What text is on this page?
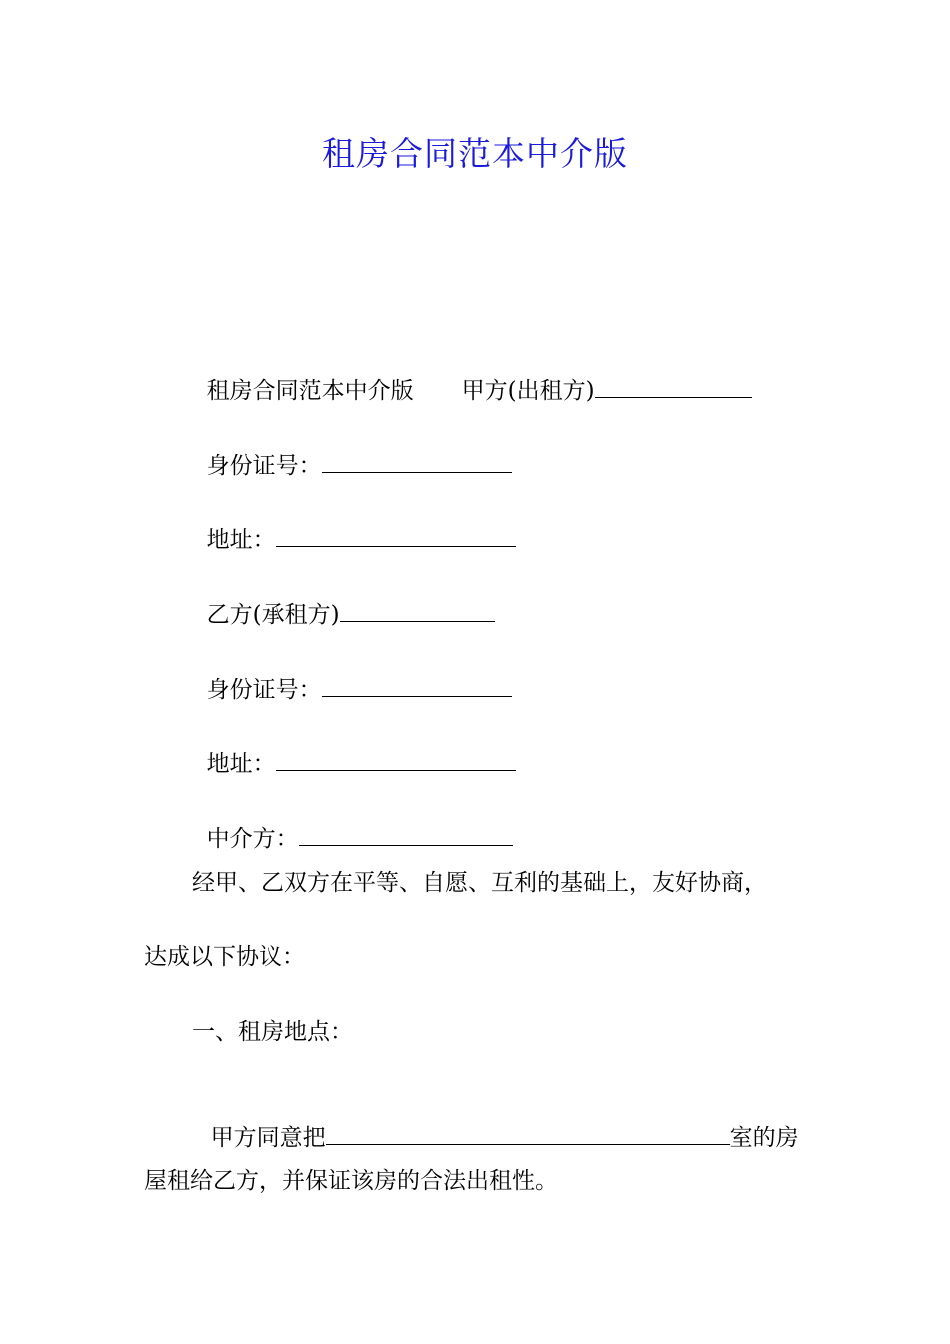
租房合同范本中介版

租房合同范本中介版 甲方(出租方)

身份证号：

地址：

乙方(承租方)

身份证号：

地址：

中介方：

经甲、乙双方在平等、自愿、互利的基础上，友好协商，
达成以下协议：
一、租房地点：

甲方同意把	室的房

屋租给乙方，并保证该房的合法出租性。
